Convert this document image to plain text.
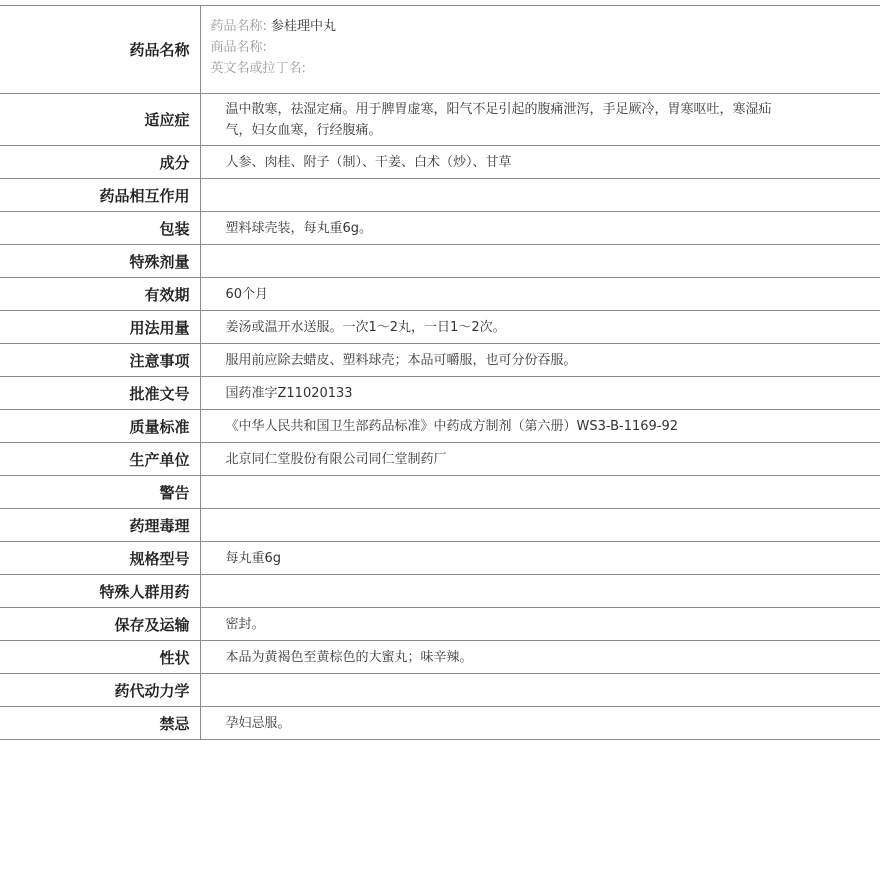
药品名称	药品名称: 参桂理中丸
商品名称:
英文名或拉丁名:

适应症	温中散寒，祛湿定痛。用于脾胃虚寒，阳气不足引起的腹痛泄泻，手足厥冷，胃寒呕吐，寒湿疝气，妇女血寒，行经腹痛。
成分	人参、肉桂、附子（制）、干姜、白术（炒）、甘草
药品相互作用	
包装	塑料球壳装，每丸重6g。
特殊剂量	
有效期	60个月
用法用量	姜汤或温开水送服。一次1～2丸，一日1～2次。
注意事项	服用前应除去蜡皮、塑料球壳；本品可嚼服，也可分份吞服。
批准文号	国药准字Z11020133
质量标准	《中华人民共和国卫生部药品标准》中药成方制剂（第六册）WS3-B-1169-92
生产单位	北京同仁堂股份有限公司同仁堂制药厂
警告	
药理毒理	
规格型号	每丸重6g
特殊人群用药	
保存及运输	密封。
性状	本品为黄褐色至黄棕色的大蜜丸；味辛辣。
药代动力学	
禁忌	孕妇忌服。
